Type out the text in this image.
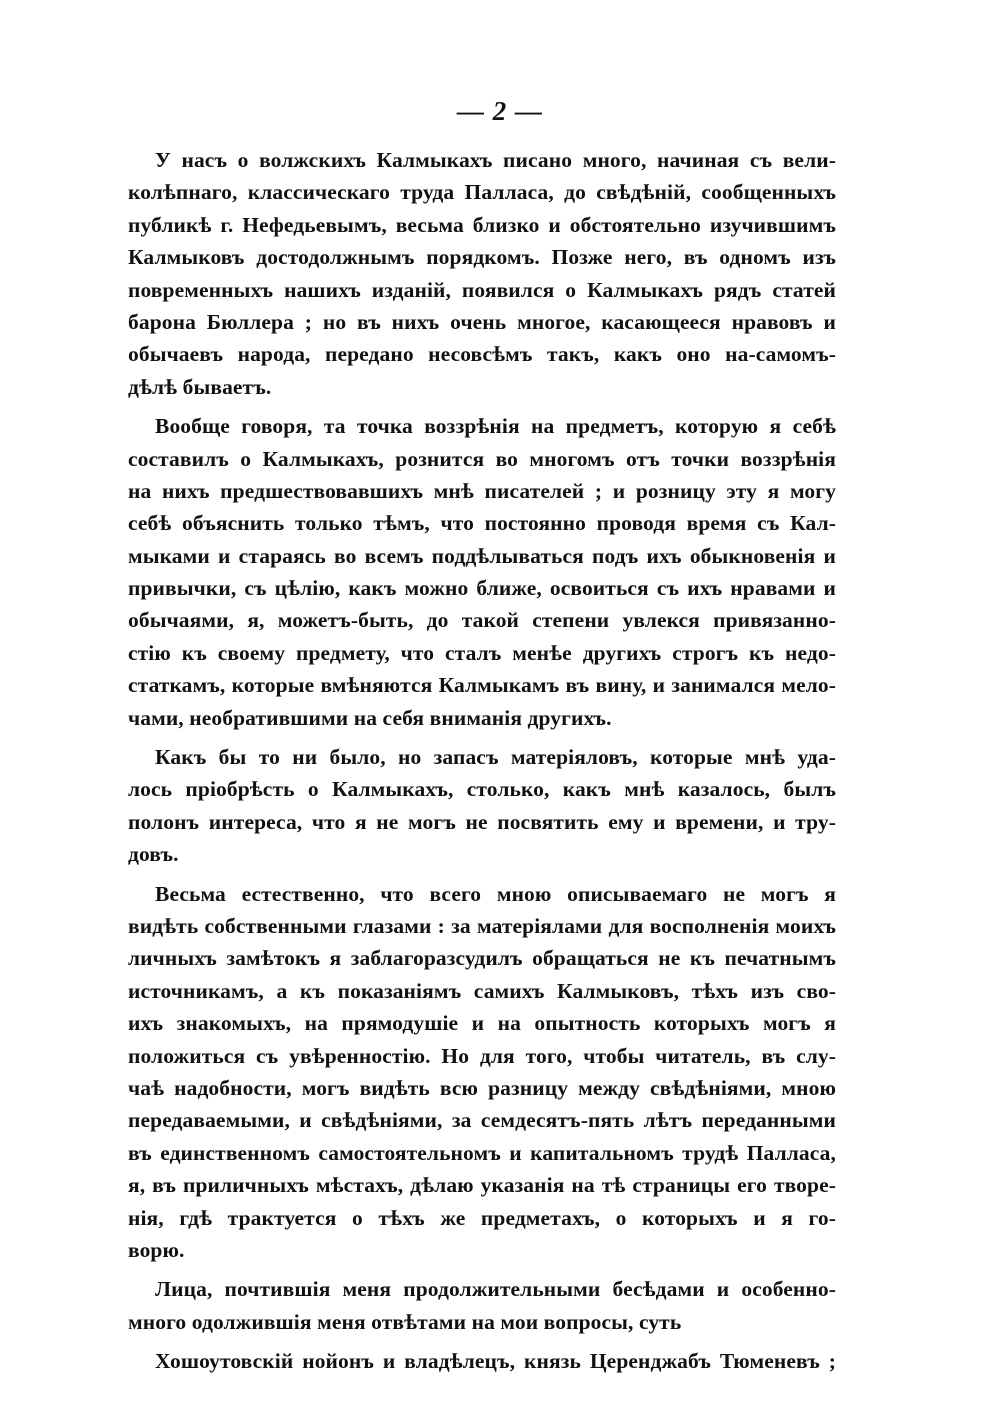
— 2 —
У насъ о волжскихъ Калмыкахъ писано много, начиная съ вели-
колѣпнаго, классическаго труда Палласа, до свѣдѣній, сообщенныхъ
публикѣ г. Нефедьевымъ, весьма близко и обстоятельно изучившимъ
Калмыковъ достодолжнымъ порядкомъ. Позже него, въ одномъ изъ
повременныхъ нашихъ изданій, появился о Калмыкахъ рядъ статей
барона Бюллера ; но въ нихъ очень многое, касающееся нравовъ и
обычаевъ народа, передано несовсѣмъ такъ, какъ оно на-самомъ-
дѣлѣ бываетъ.
Вообще говоря, та точка воззрѣнія на предметъ, которую я себѣ
составилъ о Калмыкахъ, рознится во многомъ отъ точки воззрѣнія
на нихъ предшествовавшихъ мнѣ писателей ; и розницу эту я могу
себѣ объяснить только тѣмъ, что постоянно проводя время съ Кал-
мыками и стараясь во всемъ поддѣлываться подъ ихъ обыкновенія и
привычки, съ цѣлію, какъ можно ближе, освоиться съ ихъ нравами и
обычаями, я, можетъ-быть, до такой степени увлекся привязанно-
стію къ своему предмету, что сталъ менѣе другихъ строгъ къ недо-
статкамъ, которые вмѣняются Калмыкамъ въ вину, и занимался мело-
чами, необратившими на себя вниманія другихъ.
Какъ бы то ни было, но запасъ матеріяловъ, которые мнѣ уда-
лось пріобрѣсть о Калмыкахъ, столько, какъ мнѣ казалось, былъ
полонъ интереса, что я не могъ не посвятить ему и времени, и тру-
довъ.
Весьма естественно, что всего мною описываемаго не могъ я
видѣть собственными глазами : за матеріялами для восполненія моихъ
личныхъ замѣтокъ я заблагоразсудилъ обращаться не къ печатнымъ
источникамъ, а къ показаніямъ самихъ Калмыковъ, тѣхъ изъ сво-
ихъ знакомыхъ, на прямодушіе и на опытность которыхъ могъ я
положиться съ увѣренностію. Но для того, чтобы читатель, въ слу-
чаѣ надобности, могъ видѣть всю разницу между свѣдѣніями, мною
передаваемыми, и свѣдѣніями, за семдесятъ-пять лѣтъ переданными
въ единственномъ самостоятельномъ и капитальномъ трудѣ Палласа,
я, въ приличныхъ мѣстахъ, дѣлаю указанія на тѣ страницы его творе-
нія, гдѣ трактуется о тѣхъ же предметахъ, о которыхъ и я го-
ворю.
Лица, почтившія меня продолжительными бесѣдами и особенно-
много одолжившія меня отвѣтами на мои вопросы, суть
Хошоутовскій нойонъ и владѣлецъ, князь Церенджабъ Тюменевъ ;
